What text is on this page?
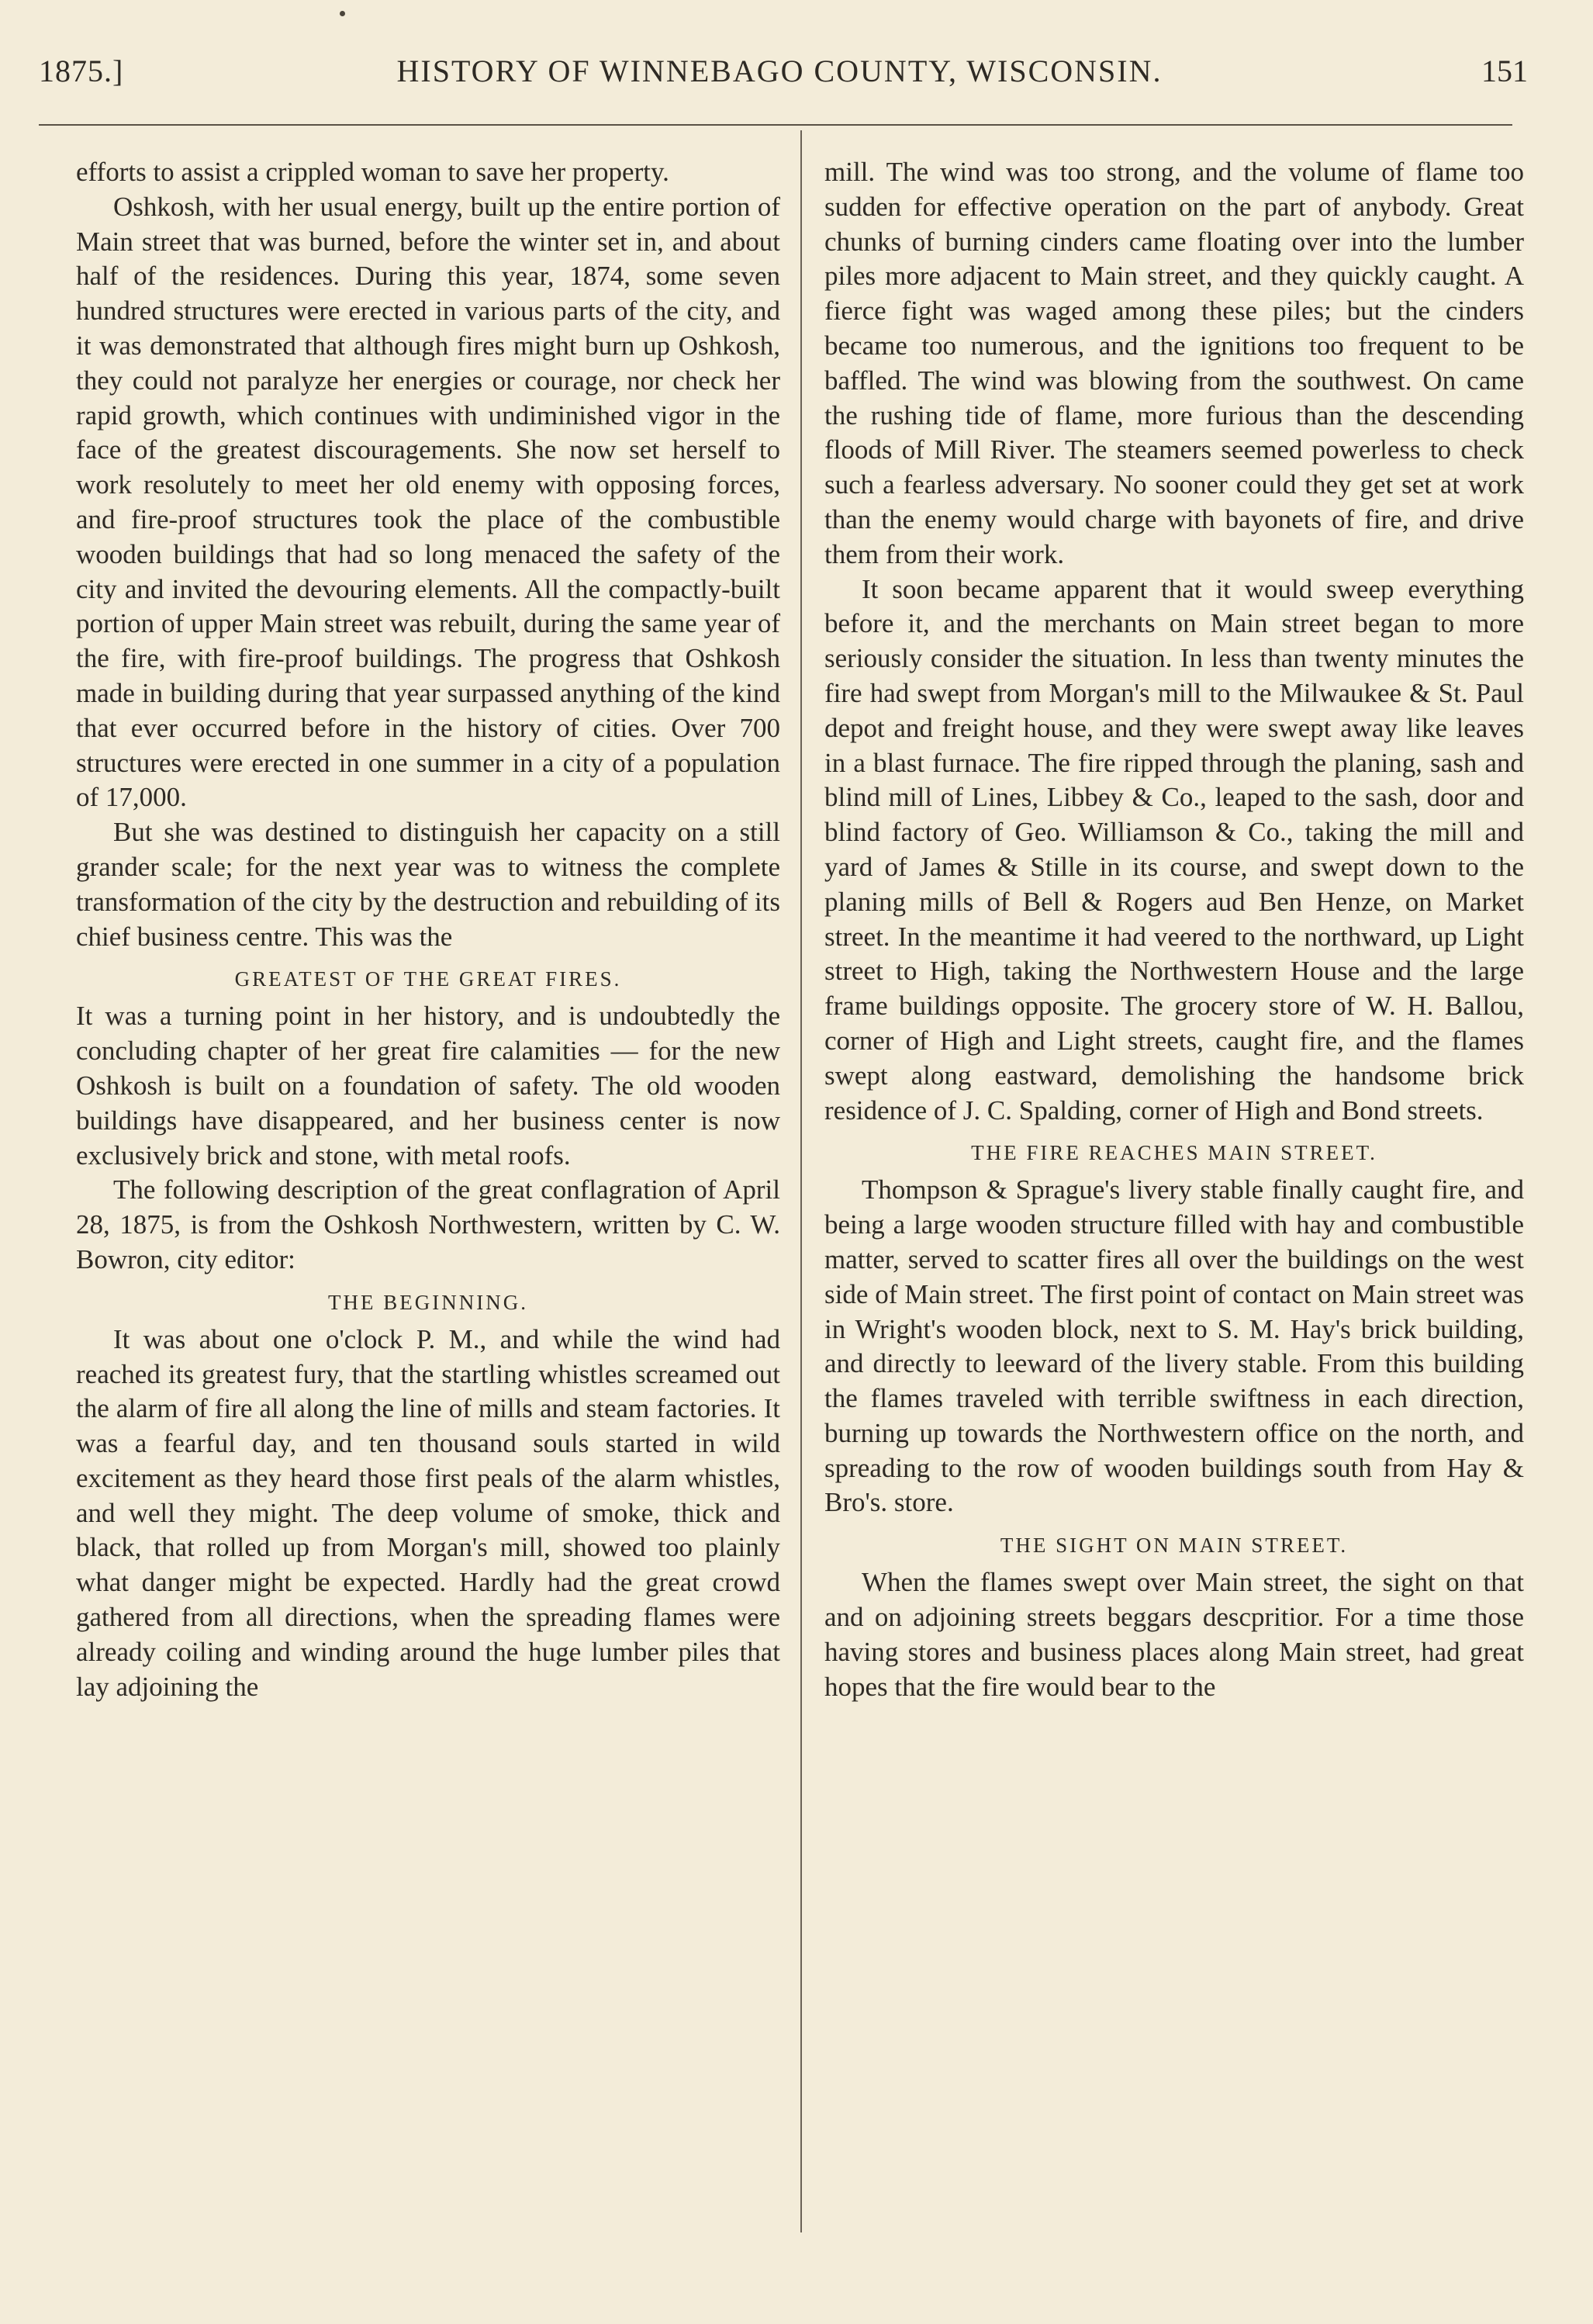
1875.]	HISTORY OF WINNEBAGO COUNTY, WISCONSIN.	151

efforts to assist a crippled woman to save her property.

Oshkosh, with her usual energy, built up the entire portion of Main street that was burned, before the winter set in, and about half of the residences. During this year, 1874, some seven hundred structures were erected in various parts of the city, and it was demonstrated that although fires might burn up Oshkosh, they could not paralyze her energies or courage, nor check her rapid growth, which continues with undiminished vigor in the face of the greatest discouragements. She now set herself to work resolutely to meet her old enemy with opposing forces, and fire-proof structures took the place of the combustible wooden buildings that had so long menaced the safety of the city and invited the devouring elements. All the compactly-built portion of upper Main street was rebuilt, during the same year of the fire, with fire-proof buildings. The progress that Oshkosh made in building during that year surpassed anything of the kind that ever occurred before in the history of cities. Over 700 structures were erected in one summer in a city of a population of 17,000.

But she was destined to distinguish her capacity on a still grander scale; for the next year was to witness the complete transformation of the city by the destruction and rebuilding of its chief business centre. This was the

GREATEST OF THE GREAT FIRES.

It was a turning point in her history, and is undoubtedly the concluding chapter of her great fire calamities — for the new Oshkosh is built on a foundation of safety. The old wooden buildings have disappeared, and her business center is now exclusively brick and stone, with metal roofs.

The following description of the great conflagration of April 28, 1875, is from the Oshkosh Northwestern, written by C. W. Bowron, city editor:

THE BEGINNING.

It was about one o'clock P. M., and while the wind had reached its greatest fury, that the startling whistles screamed out the alarm of fire all along the line of mills and steam factories. It was a fearful day, and ten thousand souls started in wild excitement as they heard those first peals of the alarm whistles, and well they might. The deep volume of smoke, thick and black, that rolled up from Morgan's mill, showed too plainly what danger might be expected. Hardly had the great crowd gathered from all directions, when the spreading flames were already coiling and winding around the huge lumber piles that lay adjoining the

mill. The wind was too strong, and the volume of flame too sudden for effective operation on the part of anybody. Great chunks of burning cinders came floating over into the lumber piles more adjacent to Main street, and they quickly caught. A fierce fight was waged among these piles; but the cinders became too numerous, and the ignitions too frequent to be baffled. The wind was blowing from the southwest. On came the rushing tide of flame, more furious than the descending floods of Mill River. The steamers seemed powerless to check such a fearless adversary. No sooner could they get set at work than the enemy would charge with bayonets of fire, and drive them from their work.

It soon became apparent that it would sweep everything before it, and the merchants on Main street began to more seriously consider the situation. In less than twenty minutes the fire had swept from Morgan's mill to the Milwaukee & St. Paul depot and freight house, and they were swept away like leaves in a blast furnace. The fire ripped through the planing, sash and blind mill of Lines, Libbey & Co., leaped to the sash, door and blind factory of Geo. Williamson & Co., taking the mill and yard of James & Stille in its course, and swept down to the planing mills of Bell & Rogers aud Ben Henze, on Market street. In the meantime it had veered to the northward, up Light street to High, taking the Northwestern House and the large frame buildings opposite. The grocery store of W. H. Ballou, corner of High and Light streets, caught fire, and the flames swept along eastward, demolishing the handsome brick residence of J. C. Spalding, corner of High and Bond streets.

THE FIRE REACHES MAIN STREET.

Thompson & Sprague's livery stable finally caught fire, and being a large wooden structure filled with hay and combustible matter, served to scatter fires all over the buildings on the west side of Main street. The first point of contact on Main street was in Wright's wooden block, next to S. M. Hay's brick building, and directly to leeward of the livery stable. From this building the flames traveled with terrible swiftness in each direction, burning up towards the Northwestern office on the north, and spreading to the row of wooden buildings south from Hay & Bro's. store.

THE SIGHT ON MAIN STREET.

When the flames swept over Main street, the sight on that and on adjoining streets beggars descpritior. For a time those having stores and business places along Main street, had great hopes that the fire would bear to the
